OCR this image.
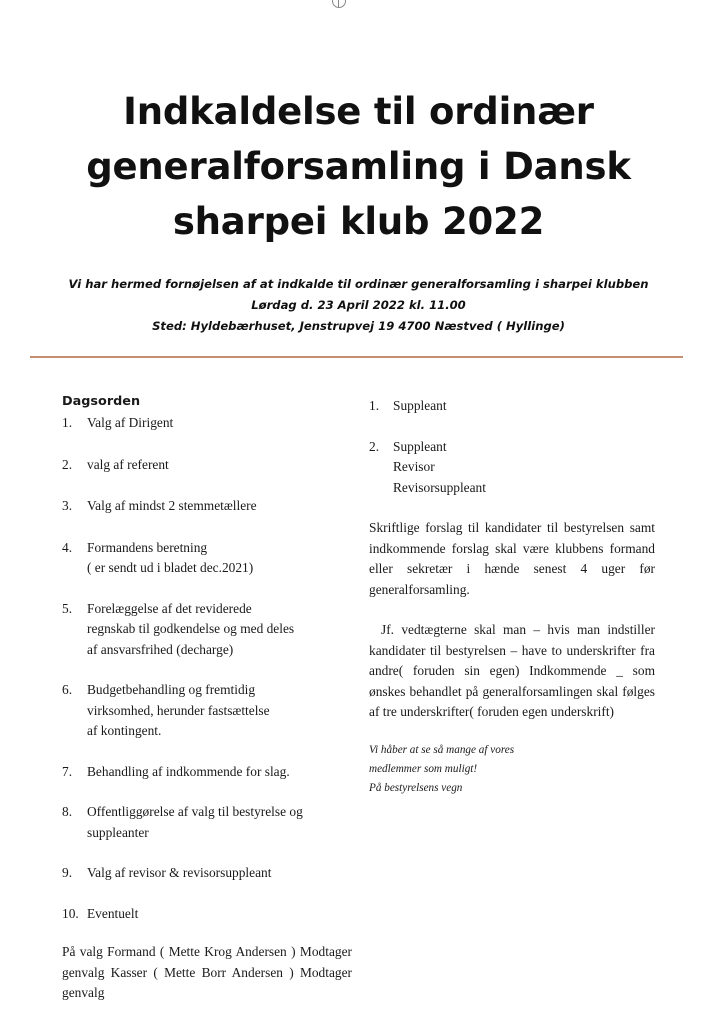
Indkaldelse til ordinær
generalforsamling i Dansk
sharpei klub 2022
Vi har hermed fornøjelsen af at indkalde til ordinær generalforsamling i sharpei klubben
Lørdag d. 23 April 2022 kl. 11.00
Sted: Hyldebærhuset, Jenstrupvej 19 4700 Næstved ( Hyllinge)
Dagsorden
1.	Valg af Dirigent
2.	valg af referent
3.	Valg af mindst 2 stemmetællere
4.	Formandens beretning
( er sendt ud i bladet dec.2021)
5.	Forelæggelse af det reviderede
regnskab til godkendelse og med deles
af ansvarsfrihed (decharge)
6.	Budgetbehandling og fremtidig
virksomhed, herunder fastsættelse
af kontingent.
7.	Behandling af indkommende for slag.
8.	Offentliggørelse af valg til bestyrelse og
suppleanter
9.	Valg af revisor & revisorsuppleant
10. Eventuelt
På valg Formand ( Mette Krog Andersen ) Modtager genvalg Kasser ( Mette Borr Andersen ) Modtager genvalg
1.	Suppleant
2.	Suppleant
Revisor
Revisorsuppleant
Skriftlige forslag til kandidater til bestyrelsen samt indkommende forslag skal være klubbens formand eller sekretær i hænde senest 4 uger før generalforsamling.
Jf. vedtægterne skal man – hvis man indstiller kandidater til bestyrelsen – have to underskrifter fra andre( foruden sin egen) Indkommende _ som ønskes behandlet på generalforsamlingen skal følges af tre underskrifter( foruden egen underskrift)
Vi håber at se så mange af vores
medlemmer som muligt!
På bestyrelsens vegn
